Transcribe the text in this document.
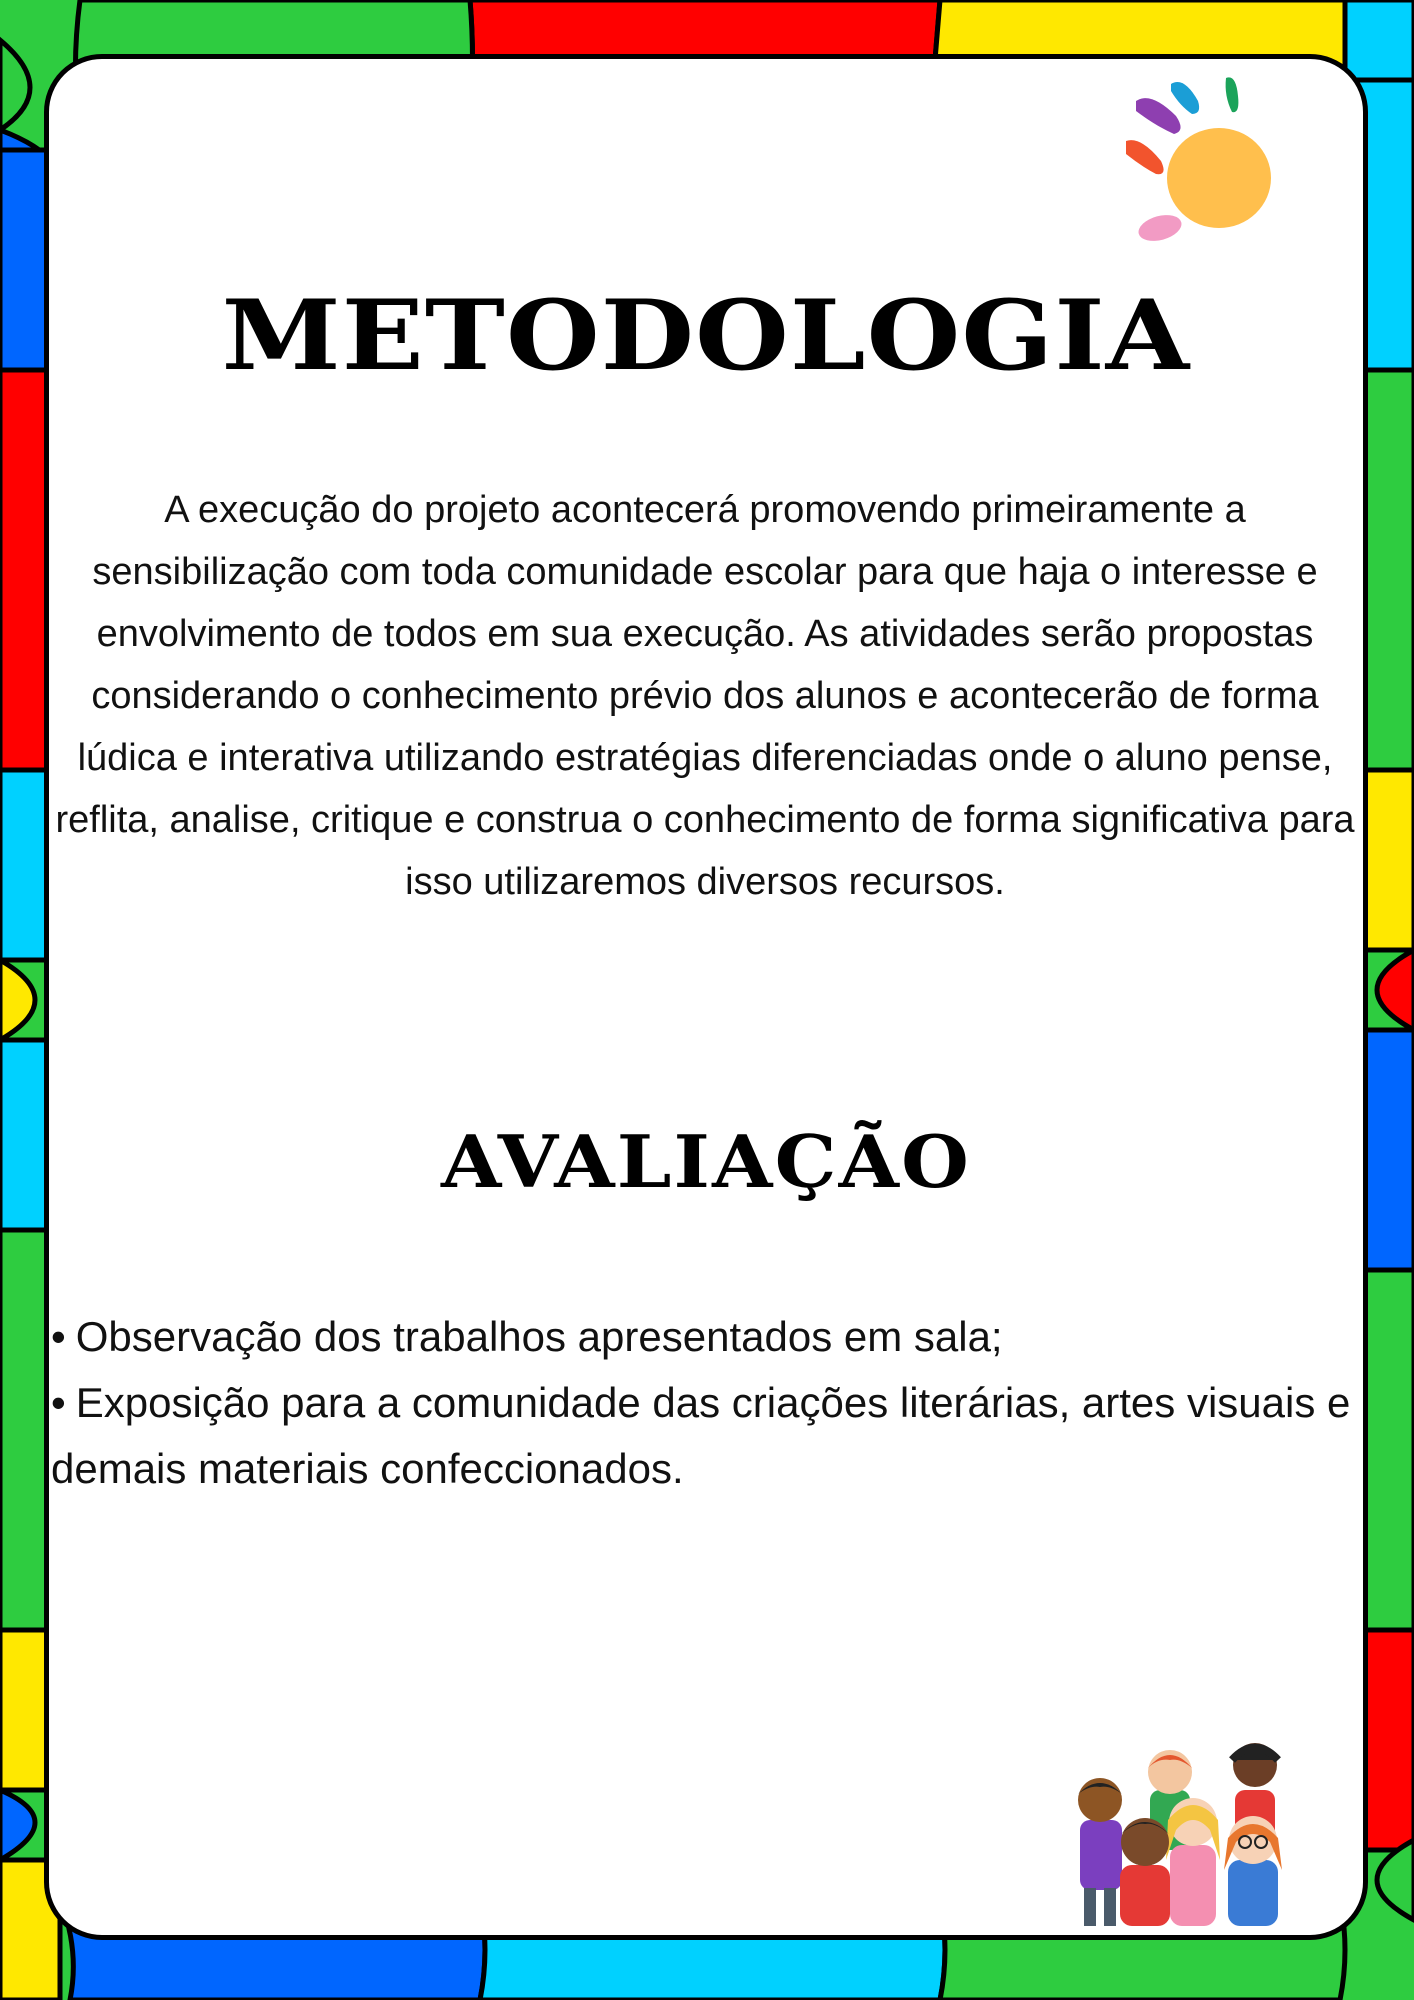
METODOLOGIA

A execução do projeto acontecerá promovendo primeiramente a sensibilização com toda comunidade escolar para que haja o interesse e envolvimento de todos em sua execução. As atividades serão propostas considerando o conhecimento prévio dos alunos e acontecerão de forma lúdica e interativa utilizando estratégias diferenciadas onde o aluno pense, reflita, analise, critique e construa o conhecimento de forma significativa para isso utilizaremos diversos recursos.

AVALIAÇÃO
• Observação dos trabalhos apresentados em sala;
• Exposição para a comunidade das criações literárias, artes visuais e demais materiais confeccionados.
